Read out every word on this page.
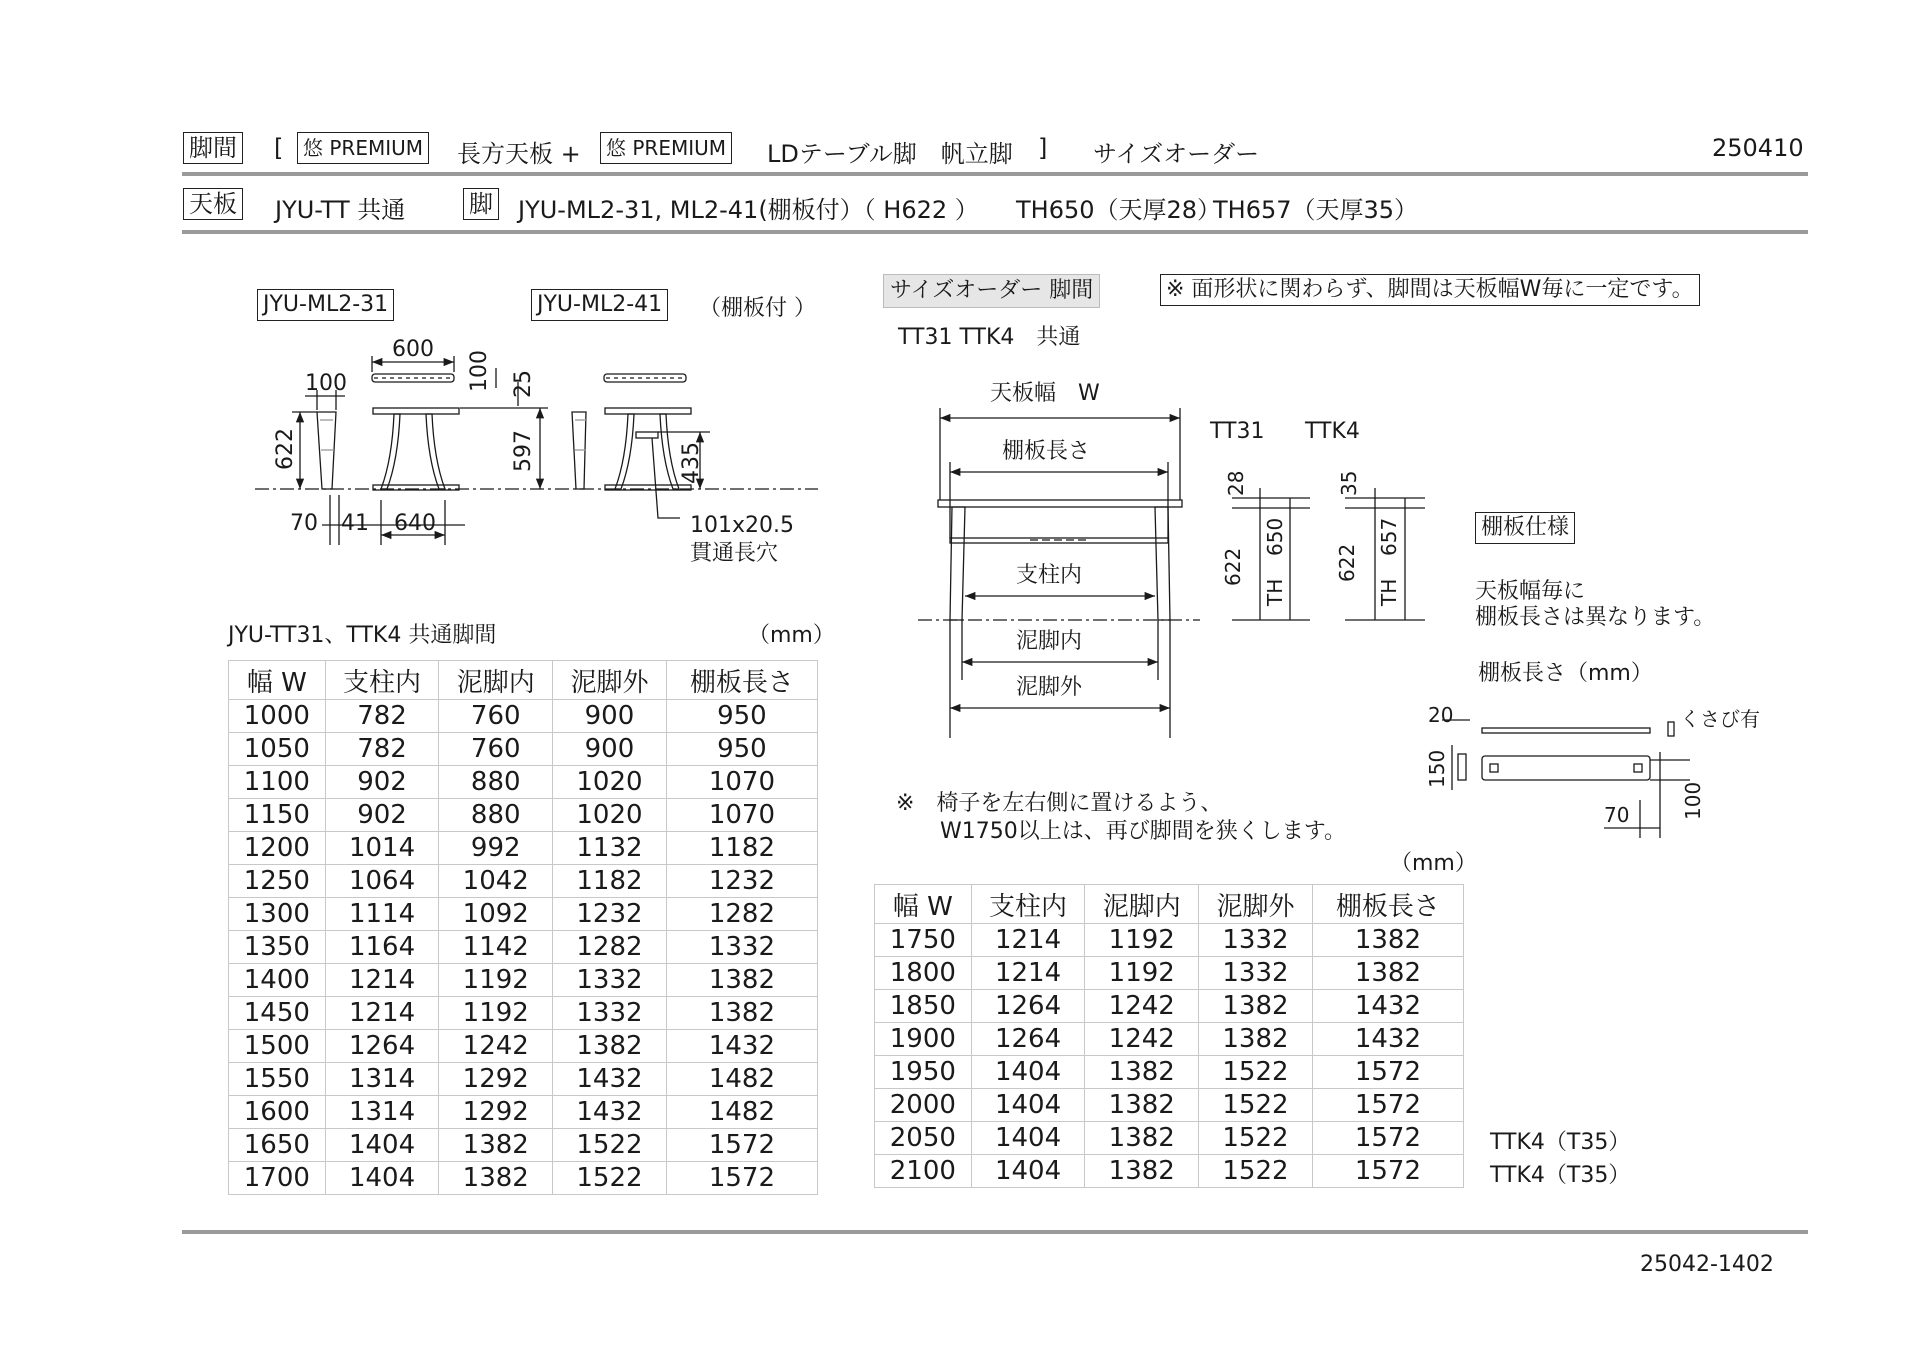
脚間 [ 悠 PREMIUM 長方天板 +	悠 PREMIUM LDテーブル脚　帆立脚 ] サイズオーダー	250410
天板 JYU-TT 共通	脚 JYU-ML2-31, ML2-41(棚板付）（ H622 ） TH650（天厚28）
TH657（天厚35）
JYU-ML2-31	JYU-ML2-41 （棚板付 ）
サイズオーダー 脚間	※ 面形状に関わらず、脚間は天板幅W毎に一定です。
TT31 TTK4　共通
棚板仕様
天板幅毎に
棚板長さは異なります。
棚板長さ（mm）
600
100	100 25
622	597	435
70 41 640	101x20.5
貫通長穴
天板幅　W
棚板長さ
支柱内
泥脚内
泥脚外
TT31 TTK4
28	35
622
650
TH
622
657
TH
20	くさび有
150
70	100
JYU-TT31、TTK4 共通脚間	（mm）
幅 W	支柱内	泥脚内	泥脚外	棚板長さ
1000	782	760	900	950
1050	782	760	900	950
1100	902	880	1020	1070
1150	902	880	1020	1070
1200	1014	992	1132	1182
1250	1064	1042	1182	1232
1300	1114	1092	1232	1282
1350	1164	1142	1282	1332
1400	1214	1192	1332	1382
1450	1214	1192	1332	1382
1500	1264	1242	1382	1432
1550	1314	1292	1432	1482
1600	1314	1292	1432	1482
1650	1404	1382	1522	1572
1700	1404	1382	1522	1572
※　椅子を左右側に置けるよう、
W1750以上は、再び脚間を狭くします。
（mm）
幅 W	支柱内	泥脚内	泥脚外	棚板長さ
1750	1214	1192	1332	1382
1800	1214	1192	1332	1382
1850	1264	1242	1382	1432
1900	1264	1242	1382	1432
1950	1404	1382	1522	1572
2000	1404	1382	1522	1572
2050	1404	1382	1522	1572
2100	1404	1382	1522	1572
TTK4（T35）
TTK4（T35）
25042-1402
